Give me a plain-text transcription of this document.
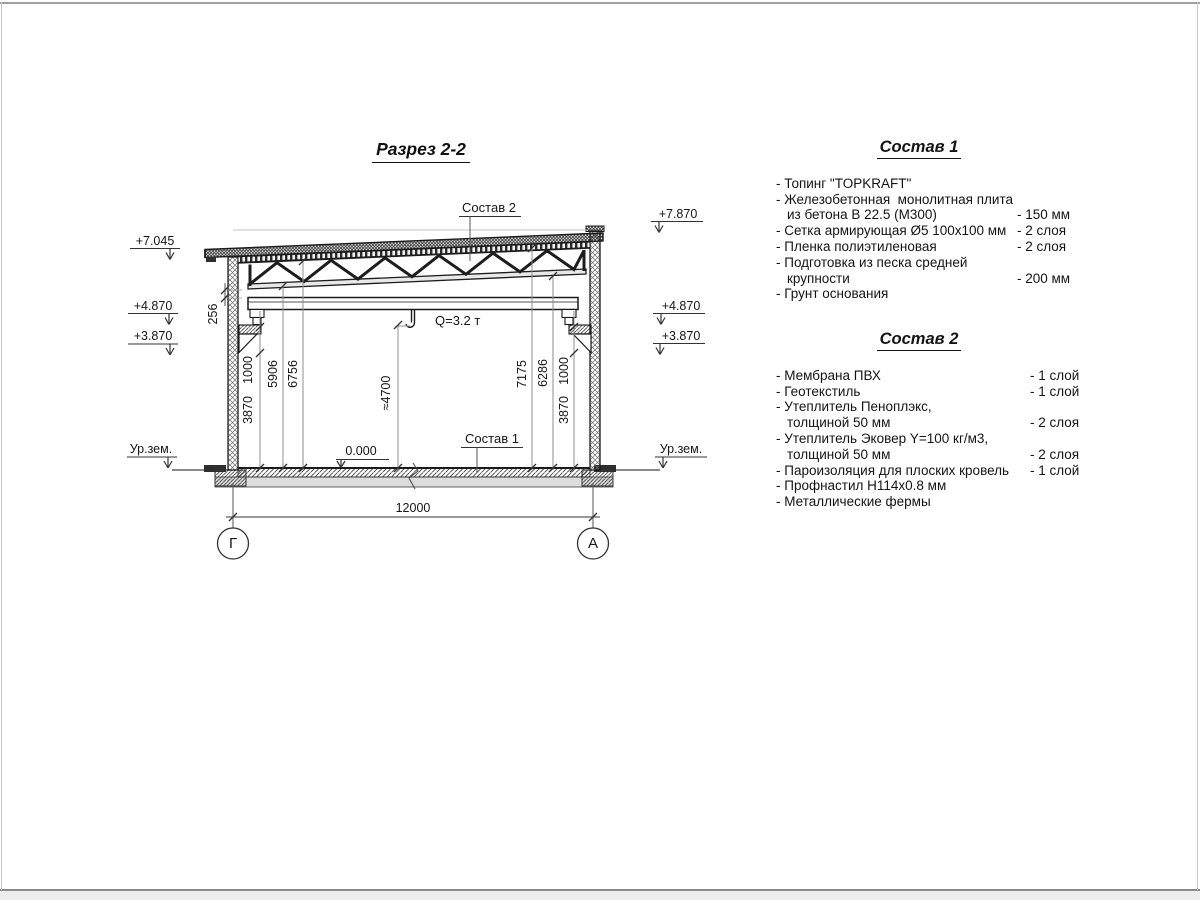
Разрез 2-2
256
1000
3870
5906 6756
≈4700
7175 6286 1000
3870
Q=3.2 т
Состав 2
Состав 1
0.000
+7.045
+4.870
+3.870
Ур.зем.
+7.870
+4.870
+3.870
Ур.зем.
12000
Г	А
Состав 1
- Топинг "TOPKRAFT"
- Железобетонная  монолитная плита
из бетона В 22.5 (М300)	- 150 мм
- Сетка армирующая Ø5 100х100 мм - 2 слоя
- Пленка полиэтиленовая	- 2 слоя
- Подготовка из песка средней
крупности	- 200 мм
- Грунт основания
Состав 2
- Мембрана ПВХ	- 1 слой
- Геотекстиль	- 1 слой
- Утеплитель Пеноплэкс,
толщиной 50 мм	- 2 слоя
- Утеплитель Эковер Y=100 кг/м3,
толщиной 50 мм	- 2 слоя
- Пароизоляция для плоских кровель - 1 слой
- Профнастил Н114х0.8 мм
- Металлические фермы
